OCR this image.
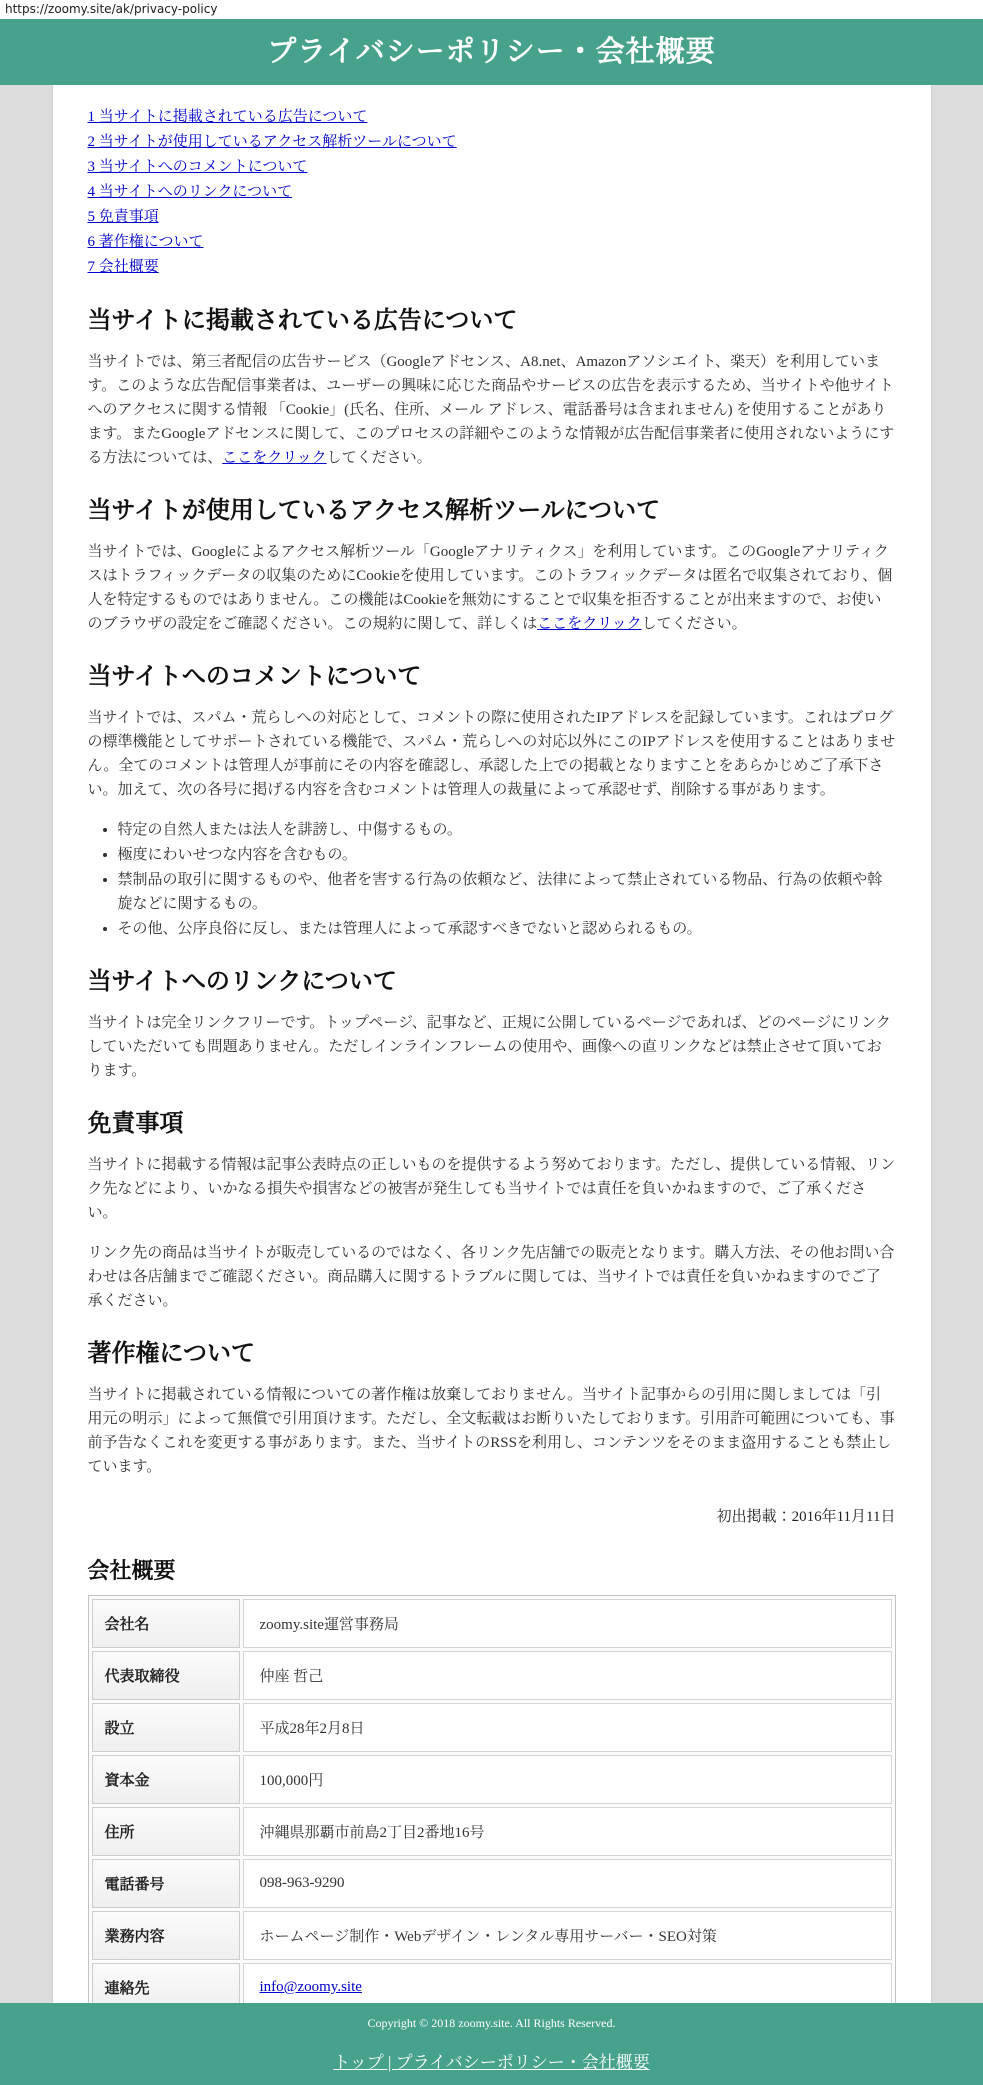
https://zoomy.site/ak/privacy-policy
プライバシーポリシー・会社概要
1 当サイトに掲載されている広告について
2 当サイトが使用しているアクセス解析ツールについて
3 当サイトへのコメントについて
4 当サイトへのリンクについて
5 免責事項
6 著作権について
7 会社概要
当サイトに掲載されている広告について

当サイトでは、第三者配信の広告サービス（Googleアドセンス、A8.net、Amazonアソシエイト、楽天）を利用しています。このような広告配信事業者は、ユーザーの興味に応じた商品やサービスの広告を表示するため、当サイトや他サイトへのアクセスに関する情報 「Cookie」(氏名、住所、メール アドレス、電話番号は含まれません) を使用することがあります。またGoogleアドセンスに関して、このプロセスの詳細やこのような情報が広告配信事業者に使用されないようにする方法については、ここをクリックしてください。

当サイトが使用しているアクセス解析ツールについて

当サイトでは、Googleによるアクセス解析ツール「Googleアナリティクス」を利用しています。このGoogleアナリティクスはトラフィックデータの収集のためにCookieを使用しています。このトラフィックデータは匿名で収集されており、個人を特定するものではありません。この機能はCookieを無効にすることで収集を拒否することが出来ますので、お使いのブラウザの設定をご確認ください。この規約に関して、詳しくはここをクリックしてください。

当サイトへのコメントについて

当サイトでは、スパム・荒らしへの対応として、コメントの際に使用されたIPアドレスを記録しています。これはブログの標準機能としてサポートされている機能で、スパム・荒らしへの対応以外にこのIPアドレスを使用することはありません。全てのコメントは管理人が事前にその内容を確認し、承認した上での掲載となりますことをあらかじめご了承下さい。加えて、次の各号に掲げる内容を含むコメントは管理人の裁量によって承認せず、削除する事があります。

• 特定の自然人または法人を誹謗し、中傷するもの。
• 極度にわいせつな内容を含むもの。
• 禁制品の取引に関するものや、他者を害する行為の依頼など、法律によって禁止されている物品、行為の依頼や斡旋などに関するもの。
• その他、公序良俗に反し、または管理人によって承認すべきでないと認められるもの。
当サイトへのリンクについて

当サイトは完全リンクフリーです。トップページ、記事など、正規に公開しているページであれば、どのページにリンクしていただいても問題ありません。ただしインラインフレームの使用や、画像への直リンクなどは禁止させて頂いております。

免責事項

当サイトに掲載する情報は記事公表時点の正しいものを提供するよう努めております。ただし、提供している情報、リンク先などにより、いかなる損失や損害などの被害が発生しても当サイトでは責任を負いかねますので、ご了承ください。

リンク先の商品は当サイトが販売しているのではなく、各リンク先店舗での販売となります。購入方法、その他お問い合わせは各店舗までご確認ください。商品購入に関するトラブルに関しては、当サイトでは責任を負いかねますのでご了承ください。

著作権について

当サイトに掲載されている情報についての著作権は放棄しておりません。当サイト記事からの引用に関しましては「引用元の明示」によって無償で引用頂けます。ただし、全文転載はお断りいたしております。引用許可範囲についても、事前予告なくこれを変更する事があります。また、当サイトのRSSを利用し、コンテンツをそのまま盗用することも禁止しています。

初出掲載：2016年11月11日
会社概要
会社名	zoomy.site運営事務局
代表取締役	仲座 哲己
設立	平成28年2月8日
資本金	100,000円
住所	沖縄県那覇市前島2丁目2番地16号
電話番号	098-963-9290
業務内容	ホームページ制作・Webデザイン・レンタル専用サーバー・SEO対策
連絡先	info@zoomy.site
Copyright © 2018 zoomy.site. All Rights Reserved.
トップ | プライバシーポリシー・会社概要
